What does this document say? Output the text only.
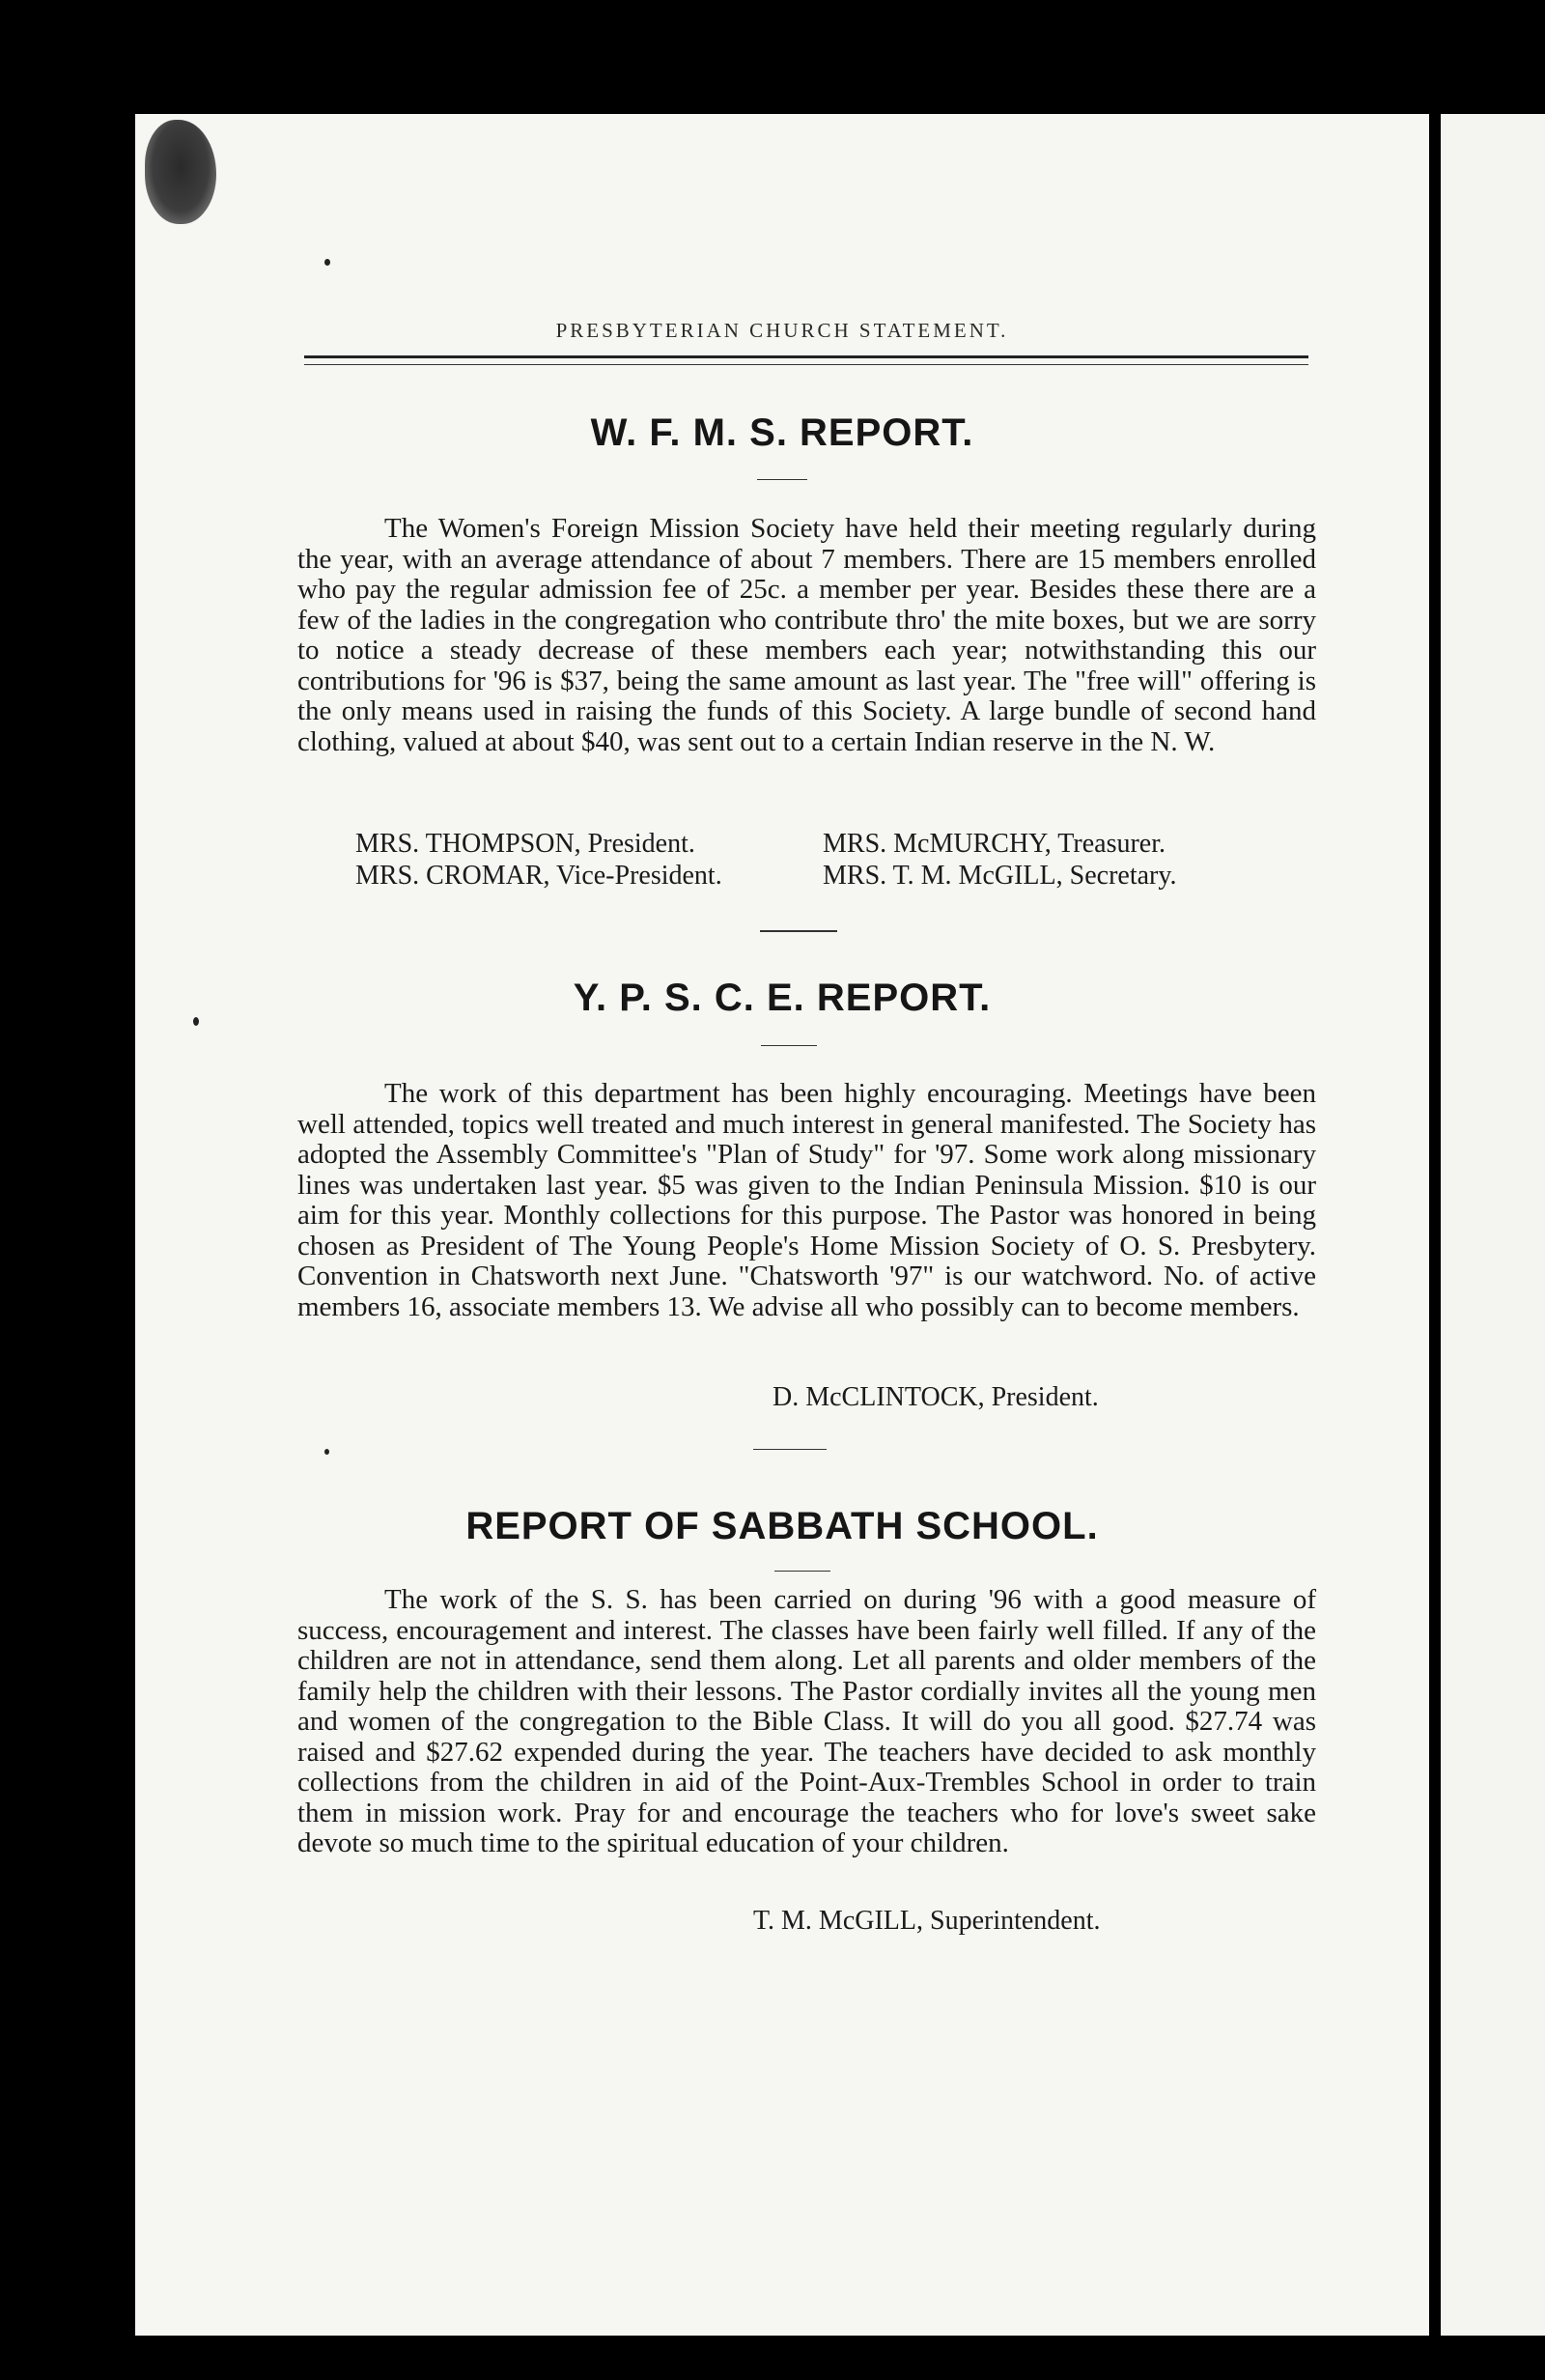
PRESBYTERIAN CHURCH STATEMENT.
W. F. M. S. REPORT.

The Women's Foreign Mission Society have held their meeting regularly during the year, with an average attendance of about 7 members. There are 15 members enrolled who pay the regular admission fee of 25c. a member per year. Besides these there are a few of the ladies in the congregation who contribute thro' the mite boxes, but we are sorry to notice a steady decrease of these members each year; notwithstanding this our contributions for '96 is $37, being the same amount as last year. The "free will" offering is the only means used in raising the funds of this Society. A large bundle of second hand clothing, valued at about $40, was sent out to a certain Indian reserve in the N. W.

MRS. THOMPSON, President.	MRS. McMURCHY, Treasurer.
MRS. CROMAR, Vice-President.	MRS. T. M. McGILL, Secretary.
Y. P. S. C. E. REPORT.

The work of this department has been highly encouraging. Meetings have been well attended, topics well treated and much interest in general manifested. The Society has adopted the Assembly Committee's "Plan of Study" for '97. Some work along missionary lines was undertaken last year. $5 was given to the Indian Peninsula Mission. $10 is our aim for this year. Monthly collections for this purpose. The Pastor was honored in being chosen as President of The Young People's Home Mission Society of O. S. Presbytery. Convention in Chatsworth next June. "Chatsworth '97" is our watchword. No. of active members 16, associate members 13. We advise all who possibly can to become members.

D. McCLINTOCK, President.
REPORT OF SABBATH SCHOOL.

The work of the S. S. has been carried on during '96 with a good measure of success, encouragement and interest. The classes have been fairly well filled. If any of the children are not in attendance, send them along. Let all parents and older members of the family help the children with their lessons. The Pastor cordially invites all the young men and women of the congregation to the Bible Class. It will do you all good. $27.74 was raised and $27.62 expended during the year. The teachers have decided to ask monthly collections from the children in aid of the Point-Aux-Trembles School in order to train them in mission work. Pray for and encourage the teachers who for love's sweet sake devote so much time to the spiritual education of your children.

T. M. McGILL, Superintendent.
